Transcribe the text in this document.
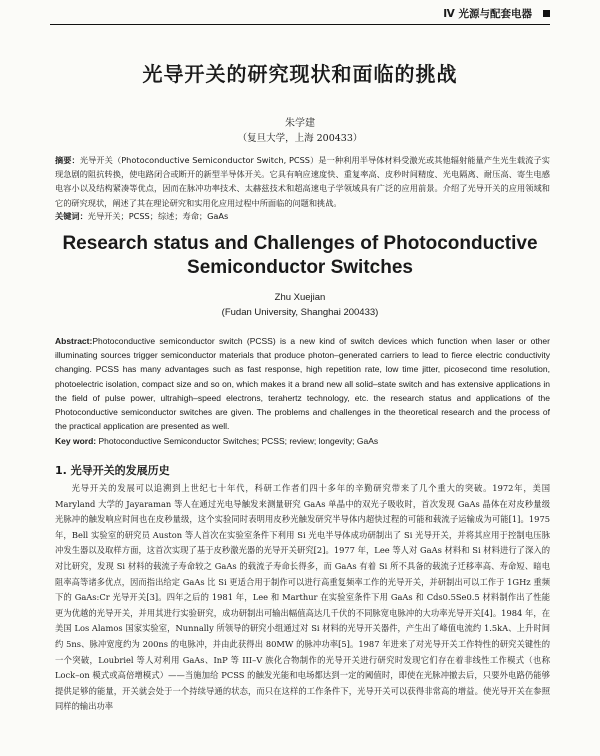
Ⅳ 光源与配套电器
光导开关的研究现状和面临的挑战
朱学建
（复旦大学，上海 200433）
摘要：光导开关（Photoconductive Semiconductor Switch, PCSS）是一种利用半导体材料受激光或其他辐射能量产生光生载流子实现急剧的阻抗转换，使电路闭合或断开的新型半导体开关。它具有响应速度快、重复率高、皮秒时间精度、光电隔离、耐压高、寄生电感电容小以及结构紧凑等优点，因而在脉冲功率技术、太赫兹技术和超高速电子学领域具有广泛的应用前景。介绍了光导开关的应用领域和它的研究现状，阐述了其在理论研究和实用化应用过程中所面临的问题和挑战。
关键词：光导开关；PCSS；综述；寿命；GaAs
Research status and Challenges of Photoconductive
Semiconductor Switches
Zhu Xuejian
(Fudan University, Shanghai 200433)
Abstract:Photoconductive semiconductor switch (PCSS) is a new kind of switch devices which function when laser or other illuminating sources trigger semiconductor materials that produce photon–generated carriers to lead to fierce electric conductivity changing. PCSS has many advantages such as fast response, high repetition rate, low time jitter, picosecond time resolution, photoelectric isolation, compact size and so on, which makes it a brand new all solid–state switch and has extensive applications in the field of pulse power, ultrahigh–speed electrons, terahertz technology, etc. the research status and applications of the Photoconductive semiconductor switches are given. The problems and challenges in the theoretical research and the process of the practical application are presented as well.
Key word: Photoconductive Semiconductor Switches; PCSS; review; longevity; GaAs
1. 光导开关的发展历史
光导开关的发展可以追溯到上世纪七十年代，科研工作者们四十多年的辛勤研究带来了几个重大的突破。1972年，美国 Maryland 大学的 Jayaraman 等人在通过光电导触发来测量研究 GaAs 单晶中的双光子吸收时，首次发现 GaAs 晶体在对皮秒量级光脉冲的触发响应时间也在皮秒量级，这个实验同时表明用皮秒光触发研究半导体内超快过程的可能和载流子运输成为可能[1]。1975 年，Bell 实验室的研究员 Auston 等人首次在实验室条件下利用 Si 光电半导体成功研制出了 Si 光导开关，并将其应用于控制电压脉冲发生器以及取样方面，这首次实现了基于皮秒激光器的光导开关研究[2]。1977 年，Lee 等人对 GaAs 材料和 Si 材料进行了深入的对比研究，发现 Si 材料的载流子寿命较之 GaAs 的载流子寿命长得多，而 GaAs 有着 Si 所不具备的载流子迁移率高、寿命短、暗电阻率高等诸多优点，因而指出给定 GaAs 比 Si 更适合用于制作可以进行高重复频率工作的光导开关，并研制出可以工作于 1GHz 重频下的 GaAs:Cr 光导开关[3]。四年之后的 1981 年，Lee 和 Marthur 在实验室条件下用 GaAs 和 Cds0.5Se0.5 材料制作出了性能更为优越的光导开关，并用其进行实验研究，成功研制出可输出幅值高达几千伏的不同脉宽电脉冲的大功率光导开关[4]。1984 年，在美国 Los Alamos 国家实验室，Nunnally 所领导的研究小组通过对 Si 材料的光导开关器件，产生出了峰值电流约 1.5kA、上升时间约 5ns、脉冲宽度约为 200ns 的电脉冲，并由此获得出 80MW 的脉冲功率[5]。1987 年进来了对光导开关工作特性的研究关键性的一个突破，Loubriel 等人对利用 GaAs、InP 等 III–V 族化合物制作的光导开关进行研究时发现它们存在着非线性工作模式（也称 Lock–on 模式或高倍增模式）——当施加给 PCSS 的触发光能和电场都达到一定的阈值时，即使在光脉冲撤去后，只要外电路仍能够提供足够的能量，开关就会处于一个持续导通的状态，而只在这样的工作条件下，光导开关可以获得非常高的增益。使光导开关在参照同样的输出功率
